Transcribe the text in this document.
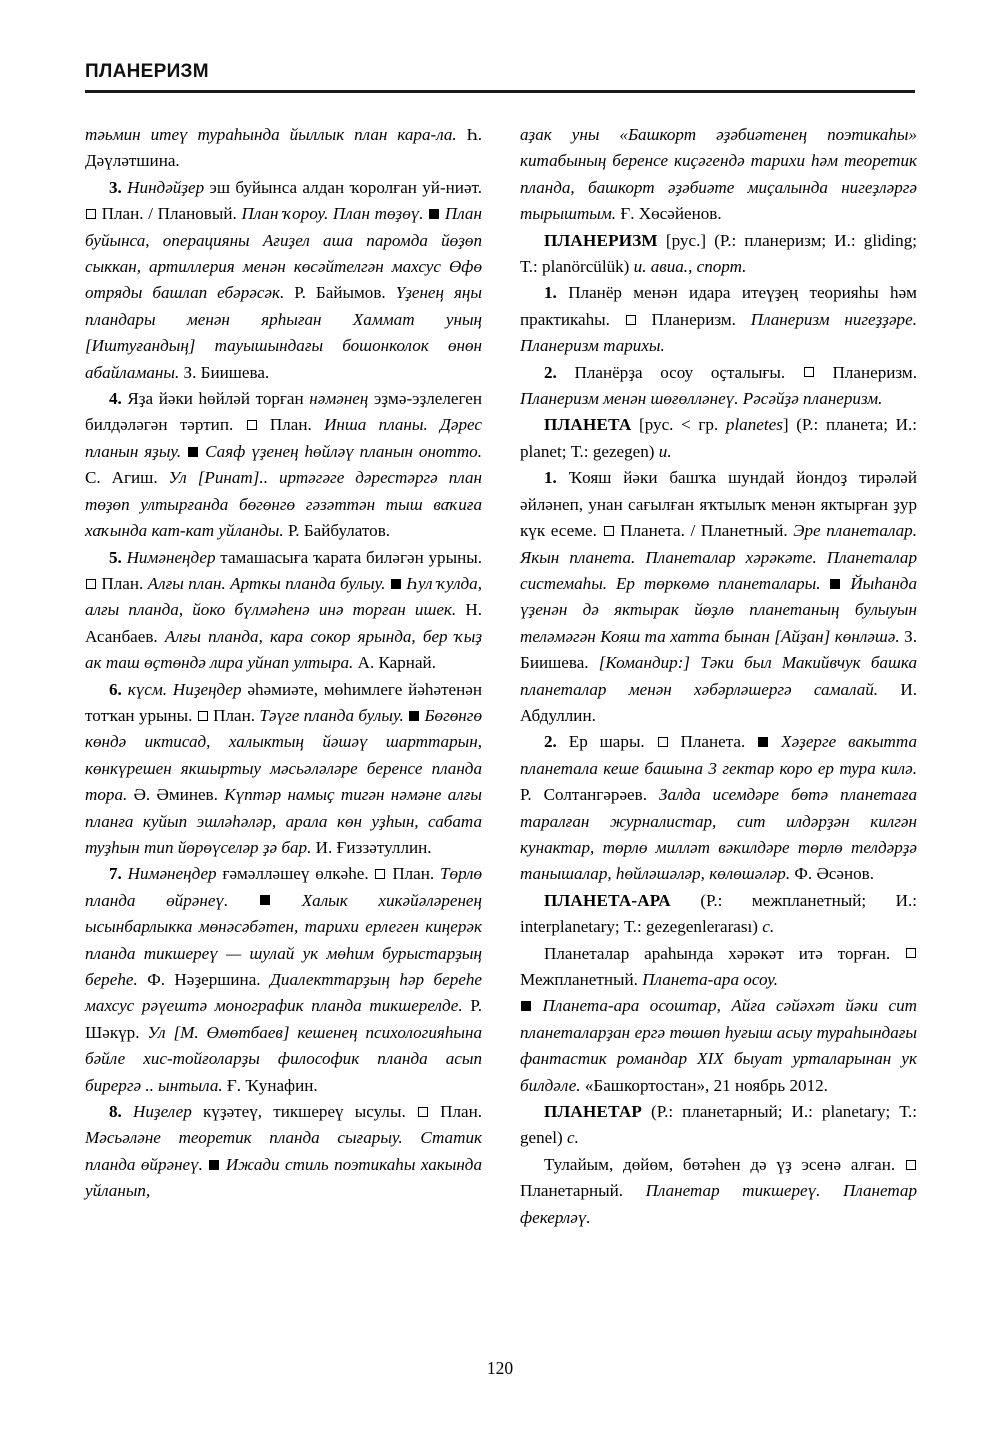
ПЛАНЕРИЗМ

тәьмин итеү тураһында йыллык план кара-ла. Һ. Дәүләтшина.

3. Ниндәйҙер эш буйынса алдан ҡоролған уй-ниәт.  План. / Плановый. План ҡороу. План төҙөү. План буйынса, операцияны Ағиҙел аша паромда йөҙөп сыккан, артиллерия менән көсәйтелгән махсус Өфө отряды башлап ебәрәсәк. Р. Байымов. Үҙенең яңы пландары менән ярһыған Хаммат уның [Иштуғандың] тауышындағы бошонколок өнөн абайламаны. З. Биишева.

4. Яҙа йәки һөйләй торған нәмәнең эҙмә-эҙлелеген билдәләгән тәртип. План. Инша планы. Дәрес планын яҙыу. Саяф үҙенең һөйләү планын онотто. С. Агиш. Ул [Ринат].. иртәгәге дәрестәргә план төҙөп ултырғанда бөгөнгө гәзәттән тыш ваҡиға хаҡында кат-кат уйланды. Р. Байбулатов.

5. Нимәнеңдер тамашасыға ҡарата биләгән урыны.  План. Алғы план. Арткы планда булыу. Һул ҡулда, алғы планда, йоко бүлмәһенә инә торған ишек. Н. Асанбаев. Алғы планда, кара сокор ярында, бер ҡыҙ ак таш өҫтөндә лира уйнап ултыра. А. Карнай.

6. күсм. Ниҙеңдер әһәмиәте, мөһимлеге йәһәтенән тотҡан урыны. План. Тәүге планда булыу. Бөгөнгө көндә иктисад, халыктың йәшәү шарттарын, көнкүрешен якшыртыу мәсьәләләре беренсе планда тора. Ә. Әминев. Күптәр намыҫ тигән нәмәне алғы планға куйып эшләһәләр, арала көн уҙһын, сабата туҙһын тип йөрөүселәр ҙә бар. И. Ғиззәтуллин.

7. Нимәнеңдер ғәмәлләшеү өлкәһе. План. Төрлө планда өйрәнеү.	Халык хикәйәләренең ысынбарлыкка мөнәсәбәтен, тарихи ерлеген киңерәк планда тикшереү — шулай ук мөһим бурыстарҙың береһе. Ф. Нәҙершина. Диалекттарҙың һәр береһе махсус рәүештә монографик планда тикшерелде. Р. Шәкүр. Ул [М. Өмөтбаев] кешенең психологияһына бәйле хис-тойғоларҙы философик планда асып бирергә .. ынтыла. Ғ. Ҡунафин.

8. Ниҙелер күҙәтеү, тикшереү ысулы. План. Мәсьәләне теоретик планда сығарыу. Статик планда өйрәнеү. Ижади стиль поэтикаһы хакында уйланып,

аҙак уны «Башкорт әҙәбиәтенең поэтикаһы» китабының беренсе киҫәгендә тарихи һәм теоретик планда, башкорт әҙәбиәте миҫалында нигеҙләргә тырыштым. Ғ. Хөсәйенов.

ПЛАНЕРИЗМ [рус.] (Р.: планеризм; И.: gliding; Т.: planörcülük) и. авиа., спорт.

1. Планёр менән идара итеүҙең теорияһы һәм практикаһы. Планеризм. Планеризм нигеҙҙәре. Планеризм тарихы.

2. Планёрҙа осоу оҫталығы.	Планеризм. Планеризм менән шөғөлләнеү. Рәсәйҙә планеризм.

ПЛАНЕТА [рус. < гр. planetes] (Р.: планета; И.: planet; Т.: gezegen) и.

1. Ҡояш йәки башҡа шундай йондоҙ тирәләй әйләнеп, унан сағылған яҡтылыҡ менән яктырған ҙур күк есеме. Планета. / Планетный. Эре планеталар. Якын планета. Планеталар хәрәкәте. Планеталар системаһы. Ер төркөмө планеталары. Йыһанда үҙенән дә яктырак йөҙлө планетаның булыуын теләмәгән Кояш та хатта бынан [Айҙан] көнләшә. З. Биишева. [Командир:] Тәки был Макийвчук башка планеталар менән хәбәрләшергә самалай. И. Абдуллин.

2. Ер шары. Планета. Хәҙерге вакытта планетала кеше башына 3 гектар коро ер тура килә. Р. Солтангәрәев. Залда исемдәре бөтә планетаға таралған журналистар, сит илдәрҙән килгән кунактар, төрлө милләт вәкилдәре төрлө телдәрҙә танышалар, һөйләшәләр, көлөшәләр. Ф. Әсәнов.

ПЛАНЕТА-АРА (Р.: межпланетный; И.: interplanetary; Т.: gezegenlerarası) с.

Планеталар араһында хәрәкәт итә торған.  Межпланетный. Планета-ара осоу.

Планета-ара осоштар, Айға сәйәхәт йәки сит планеталарҙан ергә төшөп һуғыш асыу тураһындағы фантастик романдар XIX быуат урталарынан ук билдәле. «Башкортостан», 21 ноябрь 2012.

ПЛАНЕТАР (Р.: планетарный; И.: planetary; Т.: genel) с.

Тулайым, дөйөм, бөтәһен дә үҙ эсенә алған.  Планетарный. Планетар тикшереү. Планетар фекерләү.

120
